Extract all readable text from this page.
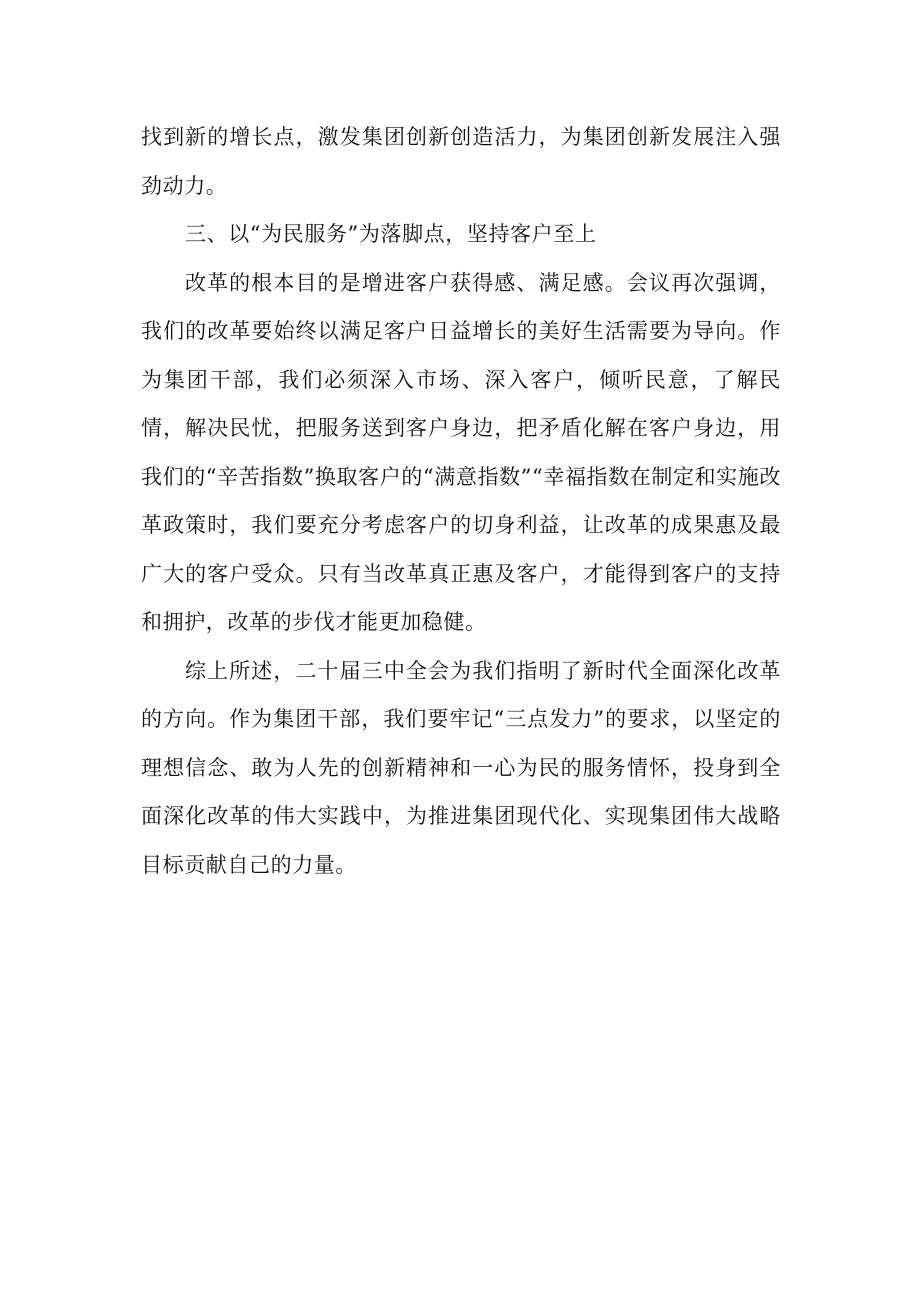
找到新的增长点，激发集团创新创造活力，为集团创新发展注入强劲动力。

三、以“为民服务”为落脚点，坚持客户至上

改革的根本目的是增进客户获得感、满足感。会议再次强调，我们的改革要始终以满足客户日益增长的美好生活需要为导向。作为集团干部，我们必须深入市场、深入客户，倾听民意，了解民情，解决民忧，把服务送到客户身边，把矛盾化解在客户身边，用我们的“辛苦指数”换取客户的“满意指数”“幸福指数在制定和实施改革政策时，我们要充分考虑客户的切身利益，让改革的成果惠及最广大的客户受众。只有当改革真正惠及客户，才能得到客户的支持和拥护，改革的步伐才能更加稳健。

综上所述，二十届三中全会为我们指明了新时代全面深化改革的方向。作为集团干部，我们要牢记“三点发力”的要求，以坚定的理想信念、敢为人先的创新精神和一心为民的服务情怀，投身到全面深化改革的伟大实践中，为推进集团现代化、实现集团伟大战略目标贡献自己的力量。
